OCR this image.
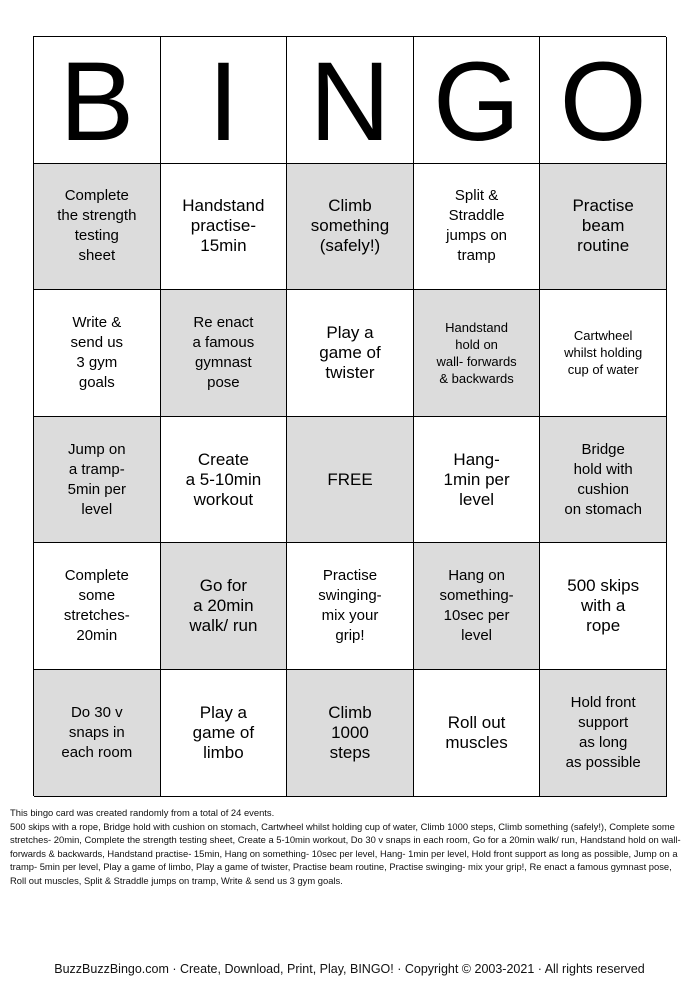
B I N G O
Complete
the strength
testing
sheet
Handstand
practise-
15min
Climb
something
(safely!)
Split &
Straddle
jumps on
tramp
Practise
beam
routine
Write &
send us
3 gym
goals
Re enact
a famous
gymnast
pose
Play a
game of
twister
Handstand
hold on
wall- forwards
& backwards
Cartwheel
whilst holding
cup of water
Jump on
a tramp-
5min per
level
Create
a 5-10min
workout
FREE
Hang-
1min per
level
Bridge
hold with
cushion
on stomach
Complete
some
stretches-
20min
Go for
a 20min
walk/ run
Practise
swinging-
mix your
grip!
Hang on
something-
10sec per
level
500 skips
with a
rope
Do 30 v
snaps in
each room
Play a
game of
limbo
Climb
1000
steps
Roll out
muscles
Hold front
support
as long
as possible
This bingo card was created randomly from a total of 24 events.
500 skips with a rope, Bridge hold with cushion on stomach, Cartwheel whilst holding cup of water, Climb 1000 steps, Climb something (safely!), Complete some stretches- 20min, Complete the strength testing sheet, Create a 5-10min workout, Do 30 v snaps in each room, Go for a 20min walk/ run, Handstand hold on wall- forwards & backwards, Handstand practise- 15min, Hang on something- 10sec per level, Hang- 1min per level, Hold front support as long as possible, Jump on a tramp- 5min per level, Play a game of limbo, Play a game of twister, Practise beam routine, Practise swinging- mix your grip!, Re enact a famous gymnast pose, Roll out muscles, Split & Straddle jumps on tramp, Write & send us 3 gym goals.
BuzzBuzzBingo.com · Create, Download, Print, Play, BINGO! · Copyright © 2003-2021 · All rights reserved
